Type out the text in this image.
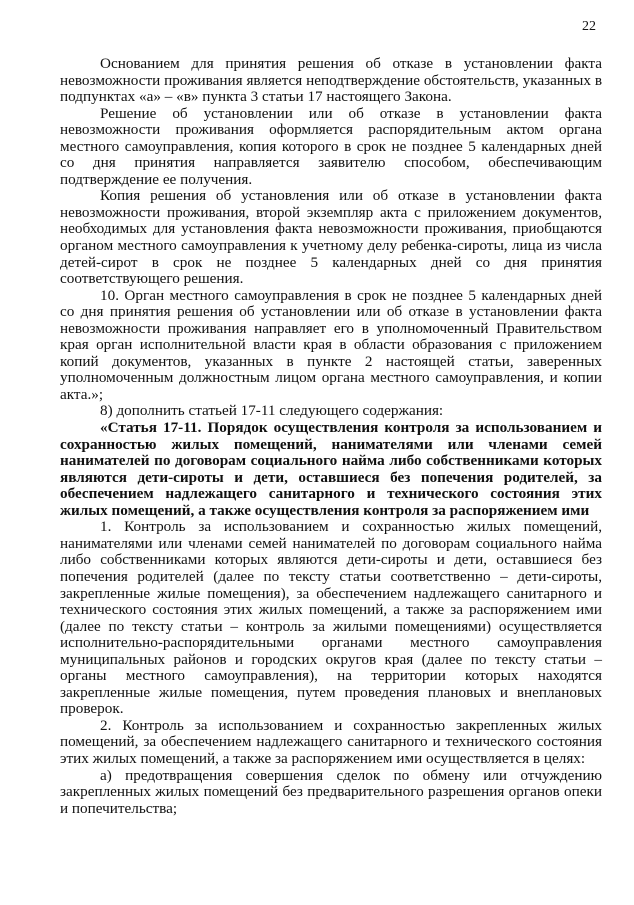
22

Основанием для принятия решения об отказе в установлении факта невозможности проживания является неподтверждение обстоятельств, указанных в подпунктах «а» – «в» пункта 3 статьи 17 настоящего Закона.

Решение об установлении или об отказе в установлении факта невозможности проживания оформляется распорядительным актом органа местного самоуправления, копия которого в срок не позднее 5 календарных дней со дня принятия направляется заявителю способом, обеспечивающим подтверждение ее получения.

Копия решения об установления или об отказе в установлении факта невозможности проживания, второй экземпляр акта с приложением документов, необходимых для установления факта невозможности проживания, приобщаются органом местного самоуправления к учетному делу ребенка-сироты, лица из числа детей-сирот в срок не позднее 5 календарных дней со дня принятия соответствующего решения.

10. Орган местного самоуправления в срок не позднее 5 календарных дней со дня принятия решения об установлении или об отказе в установлении факта невозможности проживания направляет его в уполномоченный Правительством края орган исполнительной власти края в области образования с приложением копий документов, указанных в пункте 2 настоящей статьи, заверенных уполномоченным должностным лицом органа местного самоуправления, и копии акта.»;

8) дополнить статьей 17-11 следующего содержания:

«Статья 17-11. Порядок осуществления контроля за использованием и сохранностью жилых помещений, нанимателями или членами семей нанимателей по договорам социального найма либо собственниками которых являются дети-сироты и дети, оставшиеся без попечения родителей, за обеспечением надлежащего санитарного и технического состояния этих жилых помещений, а также осуществления контроля за распоряжением ими

1. Контроль за использованием и сохранностью жилых помещений, нанимателями или членами семей нанимателей по договорам социального найма либо собственниками которых являются дети-сироты и дети, оставшиеся без попечения родителей (далее по тексту статьи соответственно – дети-сироты, закрепленные жилые помещения), за обеспечением надлежащего санитарного и технического состояния этих жилых помещений, а также за распоряжением ими (далее по тексту статьи – контроль за жилыми помещениями) осуществляется исполнительно-распорядительными органами местного самоуправления муниципальных районов и городских округов края (далее по тексту статьи – органы местного самоуправления), на территории которых находятся закрепленные жилые помещения, путем проведения плановых и внеплановых проверок.

2. Контроль за использованием и сохранностью закрепленных жилых помещений, за обеспечением надлежащего санитарного и технического состояния этих жилых помещений, а также за распоряжением ими осуществляется в целях:

а) предотвращения совершения сделок по обмену или отчуждению закрепленных жилых помещений без предварительного разрешения органов опеки и попечительства;
